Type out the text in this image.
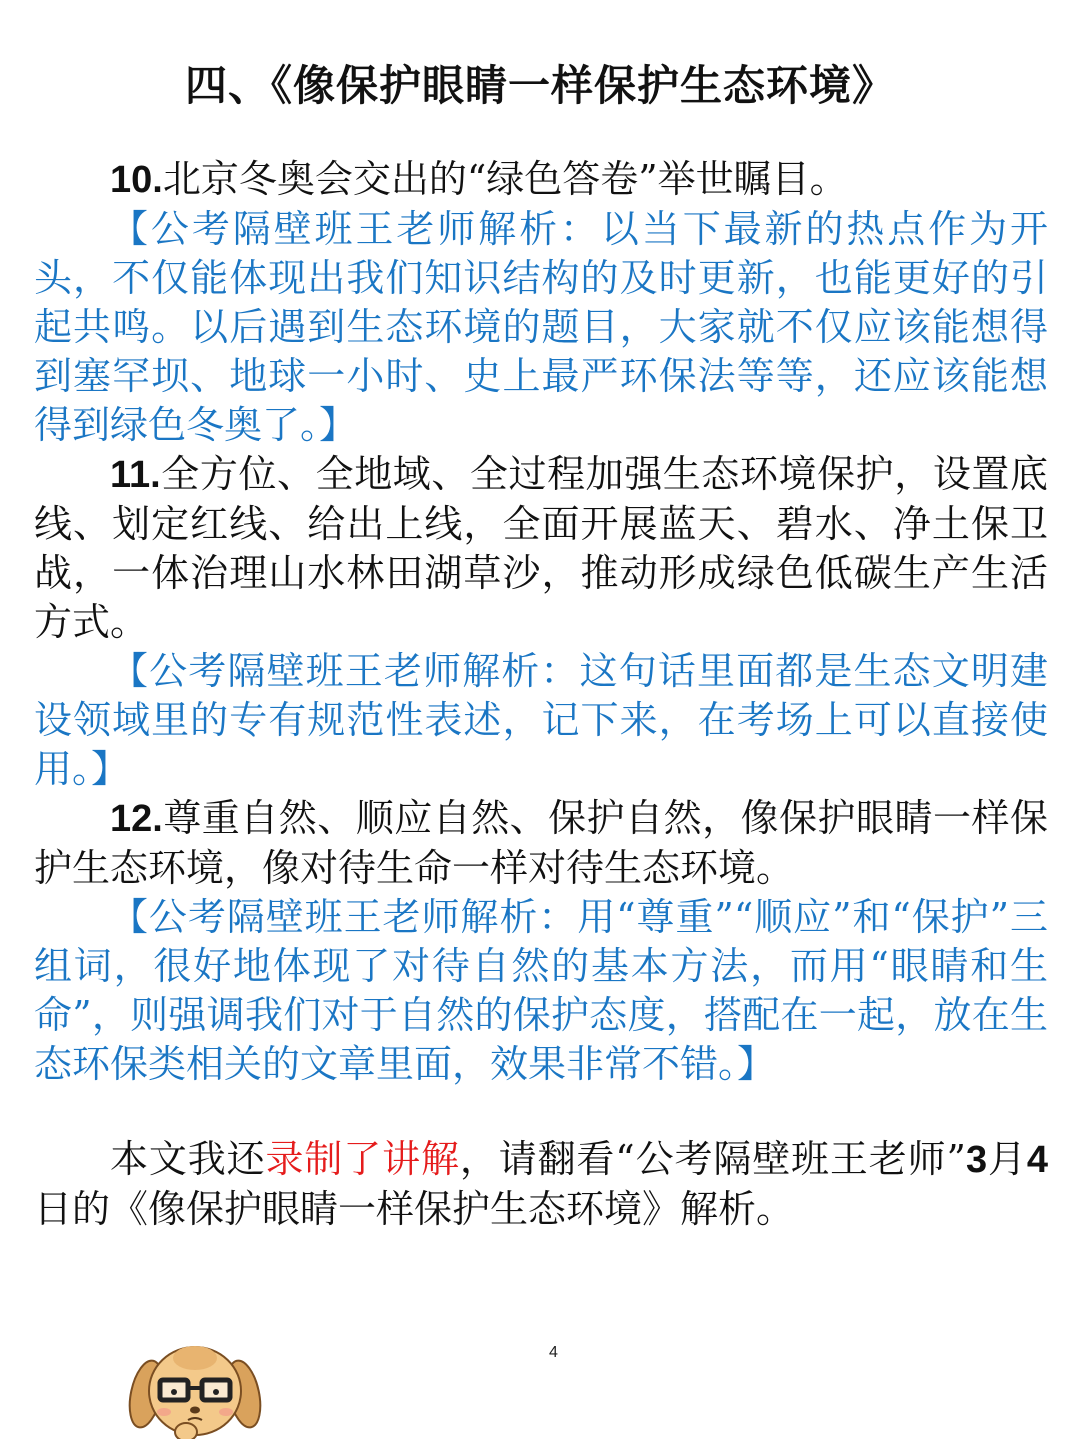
四、《像保护眼睛一样保护生态环境》

10.北京冬奥会交出的“绿色答卷”举世瞩目。

【公考隔壁班王老师解析：以当下最新的热点作为开头，不仅能体现出我们知识结构的及时更新，也能更好的引起共鸣。以后遇到生态环境的题目，大家就不仅应该能想得到塞罕坝、地球一小时、史上最严环保法等等，还应该能想得到绿色冬奥了。】

11.全方位、全地域、全过程加强生态环境保护，设置底线、划定红线、给出上线，全面开展蓝天、碧水、净土保卫战，一体治理山水林田湖草沙，推动形成绿色低碳生产生活方式。

【公考隔壁班王老师解析：这句话里面都是生态文明建设领域里的专有规范性表述，记下来，在考场上可以直接使用。】

12.尊重自然、顺应自然、保护自然，像保护眼睛一样保护生态环境，像对待生命一样对待生态环境。

【公考隔壁班王老师解析：用“尊重”“顺应”和“保护”三组词，很好地体现了对待自然的基本方法，而用“眼睛和生命”，则强调我们对于自然的保护态度，搭配在一起，放在生态环保类相关的文章里面，效果非常不错。】

本文我还录制了讲解，请翻看“公考隔壁班王老师”3月4日的《像保护眼睛一样保护生态环境》解析。

4
